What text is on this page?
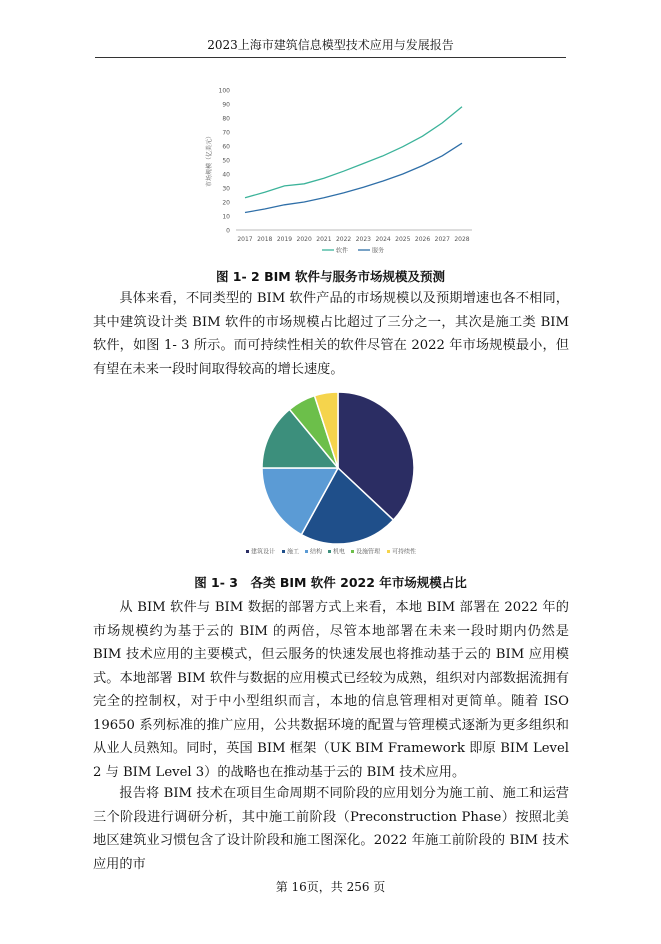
2023上海市建筑信息模型技术应用与发展报告
0
10
20
30
40
50
60
70
80
90
100
2017 2018 2019 2020 2021 2022 2023 2024 2025 2026 2027 2028
市场规模（亿美元）
软件	服务
图 1- 2 BIM 软件与服务市场规模及预测

具体来看，不同类型的 BIM 软件产品的市场规模以及预期增速也各不相同，其中建筑设计类 BIM 软件的市场规模占比超过了三分之一，其次是施工类 BIM 软件，如图 1- 3 所示。而可持续性相关的软件尽管在 2022 年市场规模最小，但有望在未来一段时间取得较高的增长速度。

建筑设计 施工 结构 机电 设施管理 可持续性
图 1- 3　各类 BIM 软件 2022 年市场规模占比

从 BIM 软件与 BIM 数据的部署方式上来看，本地 BIM 部署在 2022 年的市场规模约为基于云的 BIM 的两倍，尽管本地部署在未来一段时期内仍然是 BIM 技术应用的主要模式，但云服务的快速发展也将推动基于云的 BIM 应用模式。本地部署 BIM 软件与数据的应用模式已经较为成熟，组织对内部数据流拥有完全的控制权，对于中小型组织而言，本地的信息管理相对更简单。随着 ISO 19650 系列标准的推广应用，公共数据环境的配置与管理模式逐渐为更多组织和从业人员熟知。同时，英国 BIM 框架（UK BIM Framework 即原 BIM Level 2 与 BIM Level 3）的战略也在推动基于云的 BIM 技术应用。

报告将 BIM 技术在项目生命周期不同阶段的应用划分为施工前、施工和运营三个阶段进行调研分析，其中施工前阶段（Preconstruction Phase）按照北美地区建筑业习惯包含了设计阶段和施工图深化。2022 年施工前阶段的 BIM 技术应用的市

第 16页，共 256 页
